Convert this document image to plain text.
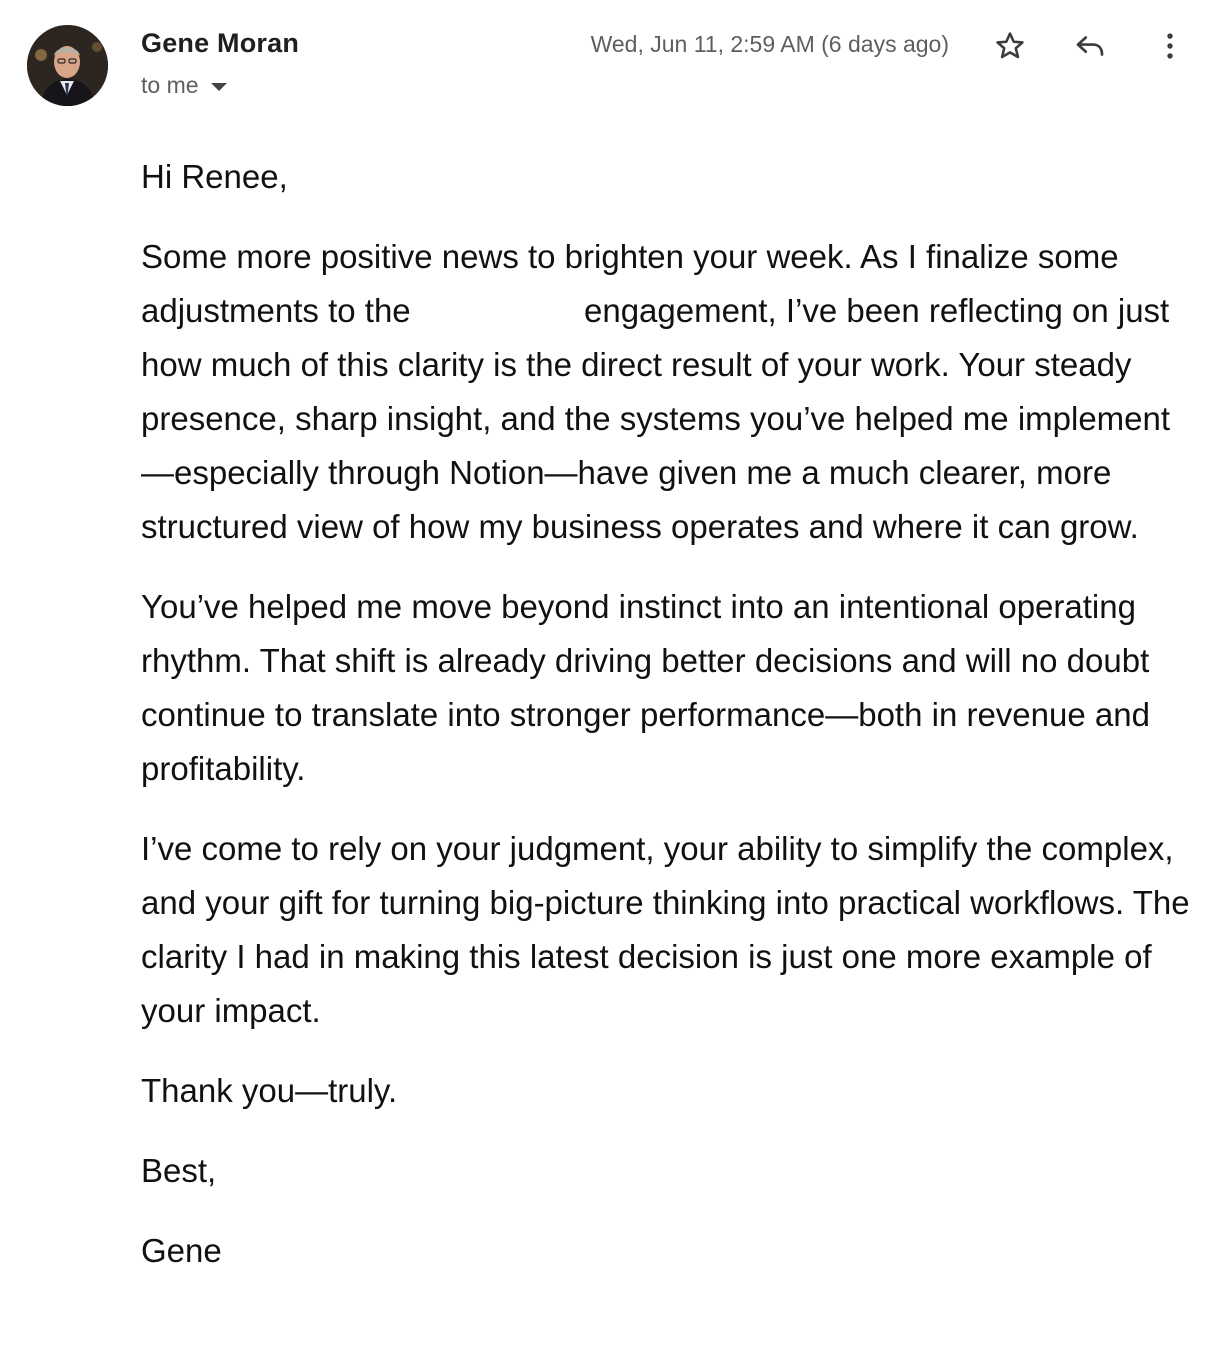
Gene Moran
to me
Wed, Jun 11, 2:59 AM (6 days ago)

Hi Renee,

Some more positive news to brighten your week. As I finalize some adjustments to the	engagement, I’ve been reflecting on just how much of this clarity is the direct result of your work. Your steady presence, sharp insight, and the systems you’ve helped me implement—especially through Notion—have given me a much clearer, more structured view of how my business operates and where it can grow.

You’ve helped me move beyond instinct into an intentional operating rhythm. That shift is already driving better decisions and will no doubt continue to translate into stronger performance—both in revenue and profitability.

I’ve come to rely on your judgment, your ability to simplify the complex, and your gift for turning big-picture thinking into practical workflows. The clarity I had in making this latest decision is just one more example of your impact.

Thank you—truly.

Best,

Gene
